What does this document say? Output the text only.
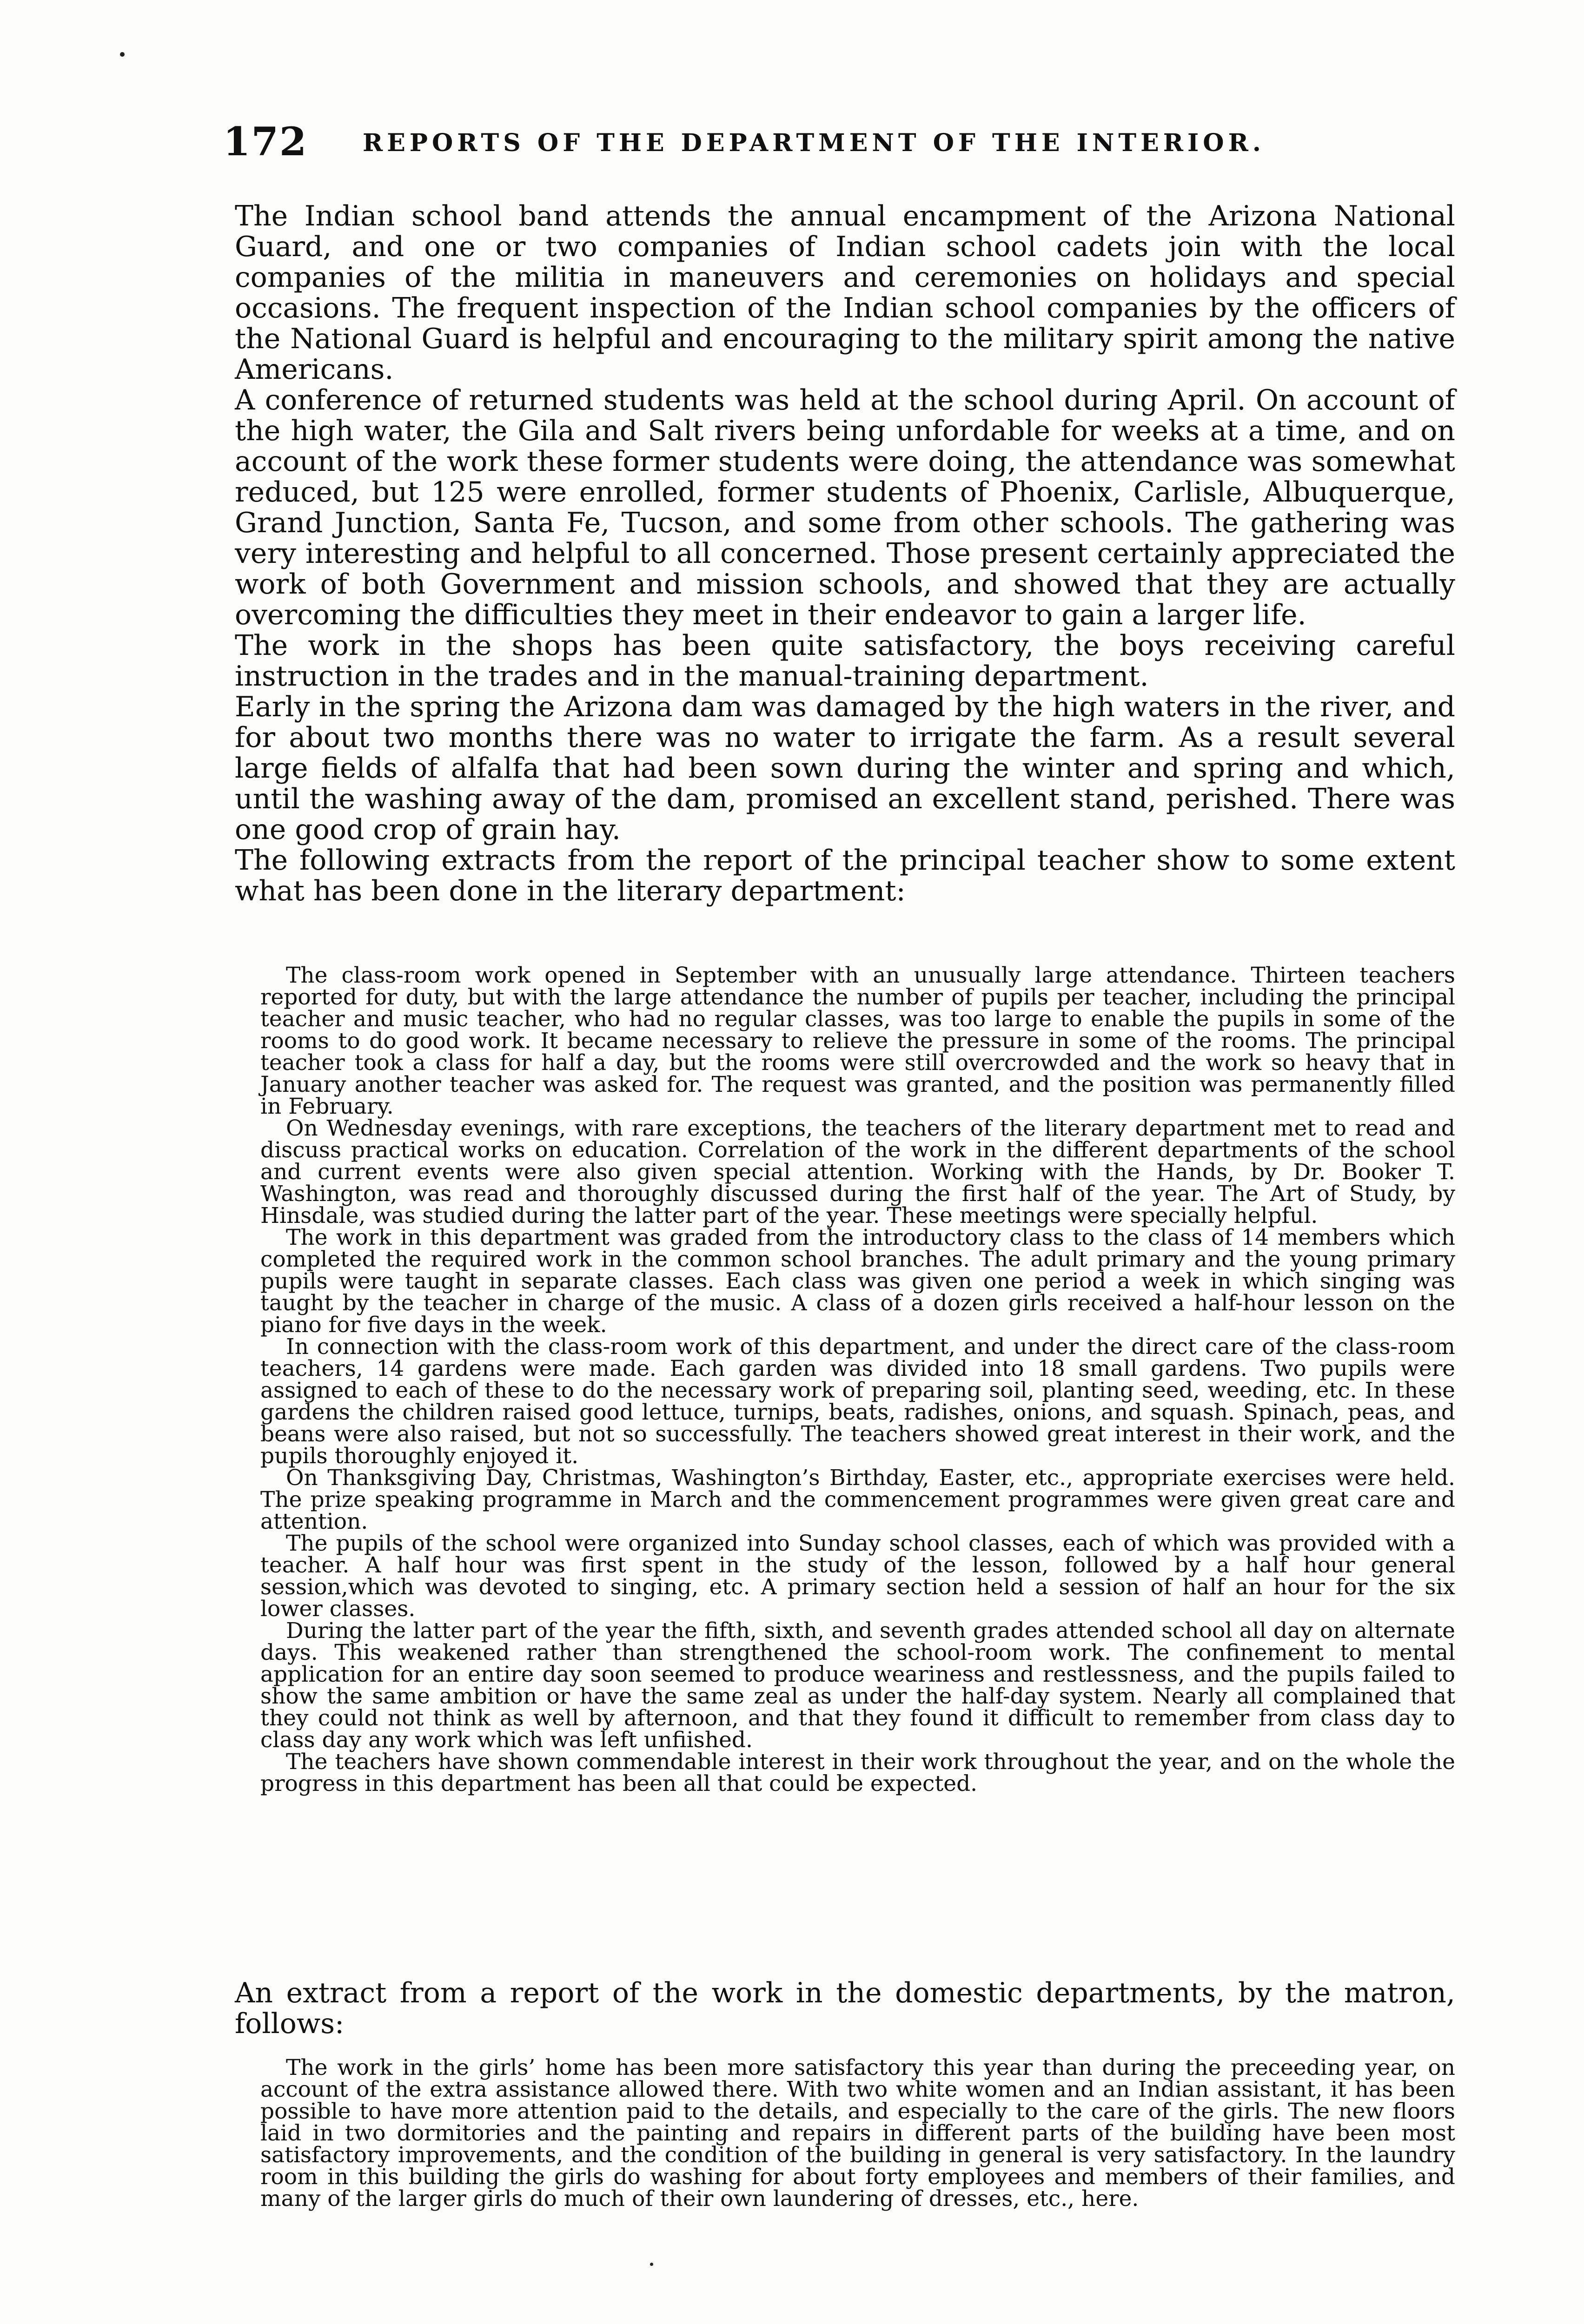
172 REPORTS OF THE DEPARTMENT OF THE INTERIOR.

The Indian school band attends the annual encampment of the Arizona National Guard, and one or two companies of Indian school cadets join with the local companies of the militia in maneuvers and ceremonies on holidays and special occasions. The frequent inspection of the Indian school companies by the officers of the National Guard is helpful and encouraging to the military spirit among the native Americans.

A conference of returned students was held at the school during April. On account of the high water, the Gila and Salt rivers being unfordable for weeks at a time, and on account of the work these former students were doing, the attendance was somewhat reduced, but 125 were enrolled, former students of Phoenix, Carlisle, Albuquerque, Grand Junction, Santa Fe, Tucson, and some from other schools. The gathering was very interesting and helpful to all concerned. Those present certainly appreciated the work of both Government and mission schools, and showed that they are actually overcoming the difficulties they meet in their endeavor to gain a larger life.

The work in the shops has been quite satisfactory, the boys receiving careful instruction in the trades and in the manual-training department.

Early in the spring the Arizona dam was damaged by the high waters in the river, and for about two months there was no water to irrigate the farm. As a result several large fields of alfalfa that had been sown during the winter and spring and which, until the washing away of the dam, promised an excellent stand, perished. There was one good crop of grain hay.

The following extracts from the report of the principal teacher show to some extent what has been done in the literary department:

The class-room work opened in September with an unusually large attendance. Thirteen teachers reported for duty, but with the large attendance the number of pupils per teacher, including the principal teacher and music teacher, who had no regular classes, was too large to enable the pupils in some of the rooms to do good work. It became necessary to relieve the pressure in some of the rooms. The principal teacher took a class for half a day, but the rooms were still overcrowded and the work so heavy that in January another teacher was asked for. The request was granted, and the position was permanently filled in February.

On Wednesday evenings, with rare exceptions, the teachers of the literary department met to read and discuss practical works on education. Correlation of the work in the different departments of the school and current events were also given special attention. Working with the Hands, by Dr. Booker T. Washington, was read and thoroughly discussed during the first half of the year. The Art of Study, by Hinsdale, was studied during the latter part of the year. These meetings were specially helpful.

The work in this department was graded from the introductory class to the class of 14 members which completed the required work in the common school branches. The adult primary and the young primary pupils were taught in separate classes. Each class was given one period a week in which singing was taught by the teacher in charge of the music. A class of a dozen girls received a half-hour lesson on the piano for five days in the week.

In connection with the class-room work of this department, and under the direct care of the class-room teachers, 14 gardens were made. Each garden was divided into 18 small gardens. Two pupils were assigned to each of these to do the necessary work of preparing soil, planting seed, weeding, etc. In these gardens the children raised good lettuce, turnips, beats, radishes, onions, and squash. Spinach, peas, and beans were also raised, but not so successfully. The teachers showed great interest in their work, and the pupils thoroughly enjoyed it.

On Thanksgiving Day, Christmas, Washington’s Birthday, Easter, etc., appropriate exercises were held. The prize speaking programme in March and the commencement programmes were given great care and attention.

The pupils of the school were organized into Sunday school classes, each of which was provided with a teacher. A half hour was first spent in the study of the lesson, followed by a half hour general session,which was devoted to singing, etc. A primary section held a session of half an hour for the six lower classes.

During the latter part of the year the fifth, sixth, and seventh grades attended school all day on alternate days. This weakened rather than strengthened the school-room work. The confinement to mental application for an entire day soon seemed to produce weariness and restlessness, and the pupils failed to show the same ambition or have the same zeal as under the half-day system. Nearly all complained that they could not think as well by afternoon, and that they found it difficult to remember from class day to class day any work which was left unfiished.

The teachers have shown commendable interest in their work throughout the year, and on the whole the progress in this department has been all that could be expected.

An extract from a report of the work in the domestic departments, by the matron, follows:

The work in the girls’ home has been more satisfactory this year than during the preceeding year, on account of the extra assistance allowed there. With two white women and an Indian assistant, it has been possible to have more attention paid to the details, and especially to the care of the girls. The new floors laid in two dormitories and the painting and repairs in different parts of the building have been most satisfactory improvements, and the condition of the building in general is very satisfactory. In the laundry room in this building the girls do washing for about forty employees and members of their families, and many of the larger girls do much of their own laundering of dresses, etc., here.
